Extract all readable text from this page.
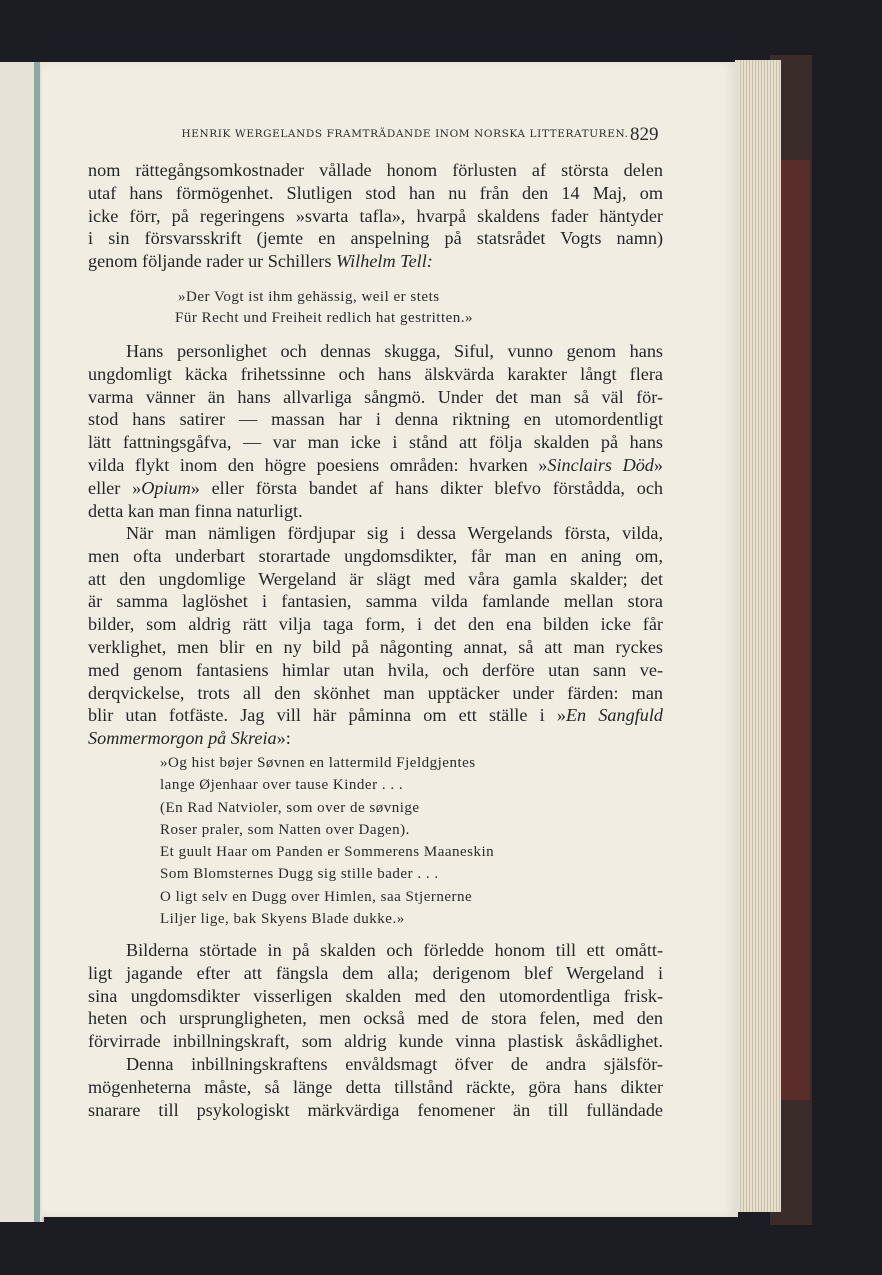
HENRIK WERGELANDS FRAMTRÄDANDE INOM NORSKA LITTERATUREN. 829
nom rättegångsomkostnader vållade honom förlusten af största delen
utaf hans förmögenhet. Slutligen stod han nu från den 14 Maj, om
icke förr, på regeringens »svarta tafla», hvarpå skaldens fader häntyder
i sin försvarsskrift (jemte en anspelning på statsrådet Vogts namn)
genom följande rader ur Schillers Wilhelm Tell:
»Der Vogt ist ihm gehässig, weil er stets
Für Recht und Freiheit redlich hat gestritten.»
Hans personlighet och dennas skugga, Siful, vunno genom hans
ungdomligt käcka frihetssinne och hans älskvärda karakter långt flera
varma vänner än hans allvarliga sångmö. Under det man så väl för-
stod hans satirer — massan har i denna riktning en utomordentligt
lätt fattningsgåfva, — var man icke i stånd att följa skalden på hans
vilda flykt inom den högre poesiens områden: hvarken »Sinclairs Död»
eller »Opium» eller första bandet af hans dikter blefvo förstådda, och
detta kan man finna naturligt.
När man nämligen fördjupar sig i dessa Wergelands första, vilda,
men ofta underbart storartade ungdomsdikter, får man en aning om,
att den ungdomlige Wergeland är slägt med våra gamla skalder; det
är samma laglöshet i fantasien, samma vilda famlande mellan stora
bilder, som aldrig rätt vilja taga form, i det den ena bilden icke får
verklighet, men blir en ny bild på någonting annat, så att man ryckes
med genom fantasiens himlar utan hvila, och derföre utan sann ve-
derqvickelse, trots all den skönhet man upptäcker under färden: man
blir utan fotfäste. Jag vill här påminna om ett ställe i »En Sangfuld
Sommermorgon på Skreia»:
»Og hist bøjer Søvnen en lattermild Fjeldgjentes
lange Øjenhaar over tause Kinder . . .
(En Rad Natvioler, som over de søvnige
Roser praler, som Natten over Dagen).
Et guult Haar om Panden er Sommerens Maaneskin
Som Blomsternes Dugg sig stille bader . . .
O ligt selv en Dugg over Himlen, saa Stjernerne
Liljer lige, bak Skyens Blade dukke.»
Bilderna störtade in på skalden och förledde honom till ett omått-
ligt jagande efter att fängsla dem alla; derigenom blef Wergeland i
sina ungdomsdikter visserligen skalden med den utomordentliga frisk-
heten och ursprungligheten, men också med de stora felen, med den
förvirrade inbillningskraft, som aldrig kunde vinna plastisk åskådlighet.
Denna inbillningskraftens envåldsmagt öfver de andra själsför-
mögenheterna måste, så länge detta tillstånd räckte, göra hans dikter
snarare till psykologiskt märkvärdiga fenomener än till fulländade
